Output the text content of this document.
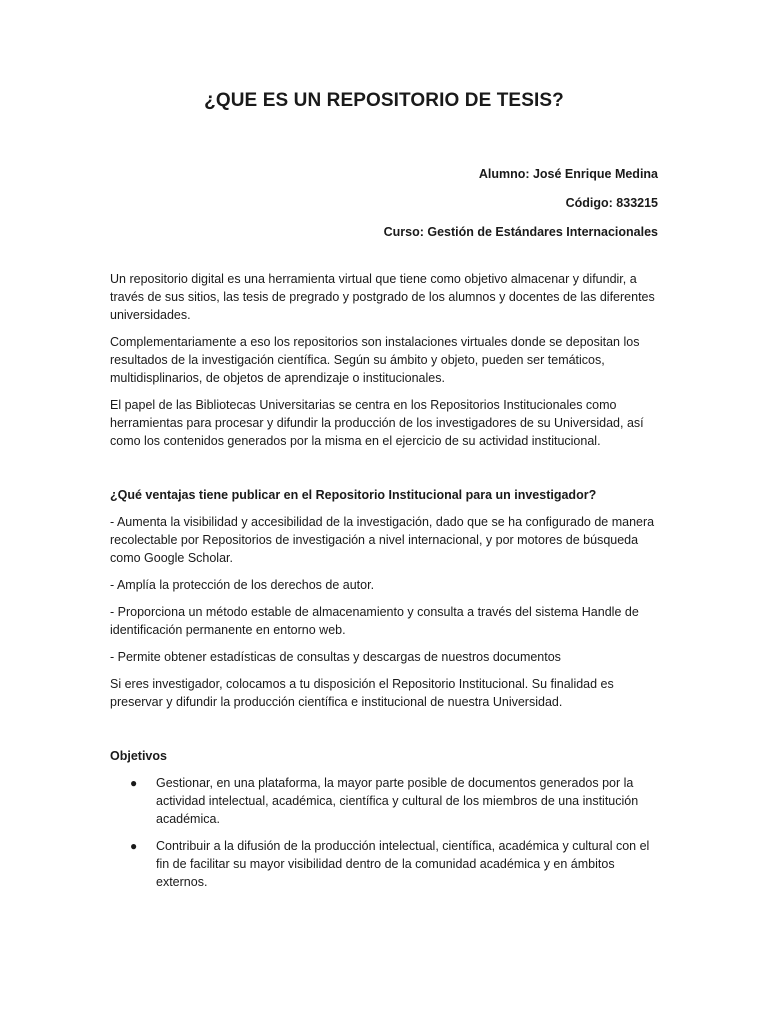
¿QUE ES UN REPOSITORIO DE TESIS?
Alumno: José Enrique Medina
Código: 833215
Curso: Gestión de Estándares Internacionales

Un repositorio digital es una herramienta virtual que tiene como objetivo almacenar y difundir, a través de sus sitios, las tesis de pregrado y postgrado de los alumnos y docentes de las diferentes universidades.

Complementariamente a eso los repositorios son instalaciones virtuales donde se depositan los resultados de la investigación científica. Según su ámbito y objeto, pueden ser temáticos, multidisplinarios, de objetos de aprendizaje o institucionales.

El papel de las Bibliotecas Universitarias se centra en los Repositorios Institucionales como herramientas para procesar y difundir la producción de los investigadores de su Universidad, así como los contenidos generados por la misma en el ejercicio de su actividad institucional.

¿Qué ventajas tiene publicar en el Repositorio Institucional para un investigador?

- Aumenta la visibilidad y accesibilidad de la investigación, dado que se ha configurado de manera recolectable por Repositorios de investigación a nivel internacional, y por motores de búsqueda como Google Scholar.

- Amplía la protección de los derechos de autor.

- Proporciona un método estable de almacenamiento y consulta a través del sistema Handle de identificación permanente en entorno web.

- Permite obtener estadísticas de consultas y descargas de nuestros documentos

Si eres investigador, colocamos a tu disposición el Repositorio Institucional. Su finalidad es preservar y difundir la producción científica e institucional de nuestra Universidad.

Objetivos

● Gestionar, en una plataforma, la mayor parte posible de documentos generados por la actividad intelectual, académica, científica y cultural de los miembros de una institución académica.
● Contribuir a la difusión de la producción intelectual, científica, académica y cultural con el fin de facilitar su mayor visibilidad dentro de la comunidad académica y en ámbitos externos.
